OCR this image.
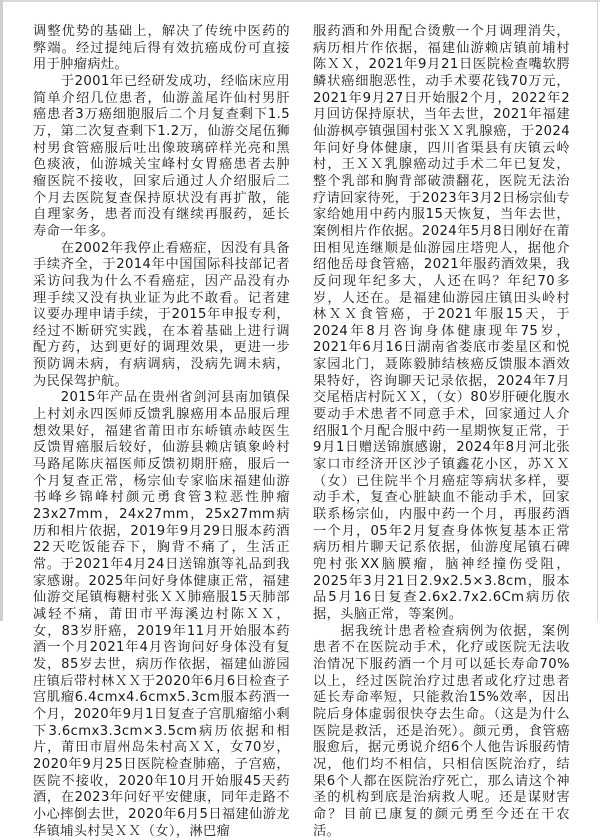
调整优势的基础上，解决了传统中医药的弊端。经过提纯后得有效抗癌成份可直接用于肿瘤病灶。

于2001年已经研发成功，经临床应用简单介绍几位患者，仙游盖尾许仙村男肝癌患者3万癌细胞服后二个月复查剩下1.5万，第二次复查剩下1.2万，仙游交尾伍狮村男食管癌服后吐出像玻璃碎样光亮和黑色痰液，仙游城关宝峰村女胃癌患者去肿瘤医院不接收，回家后通过人介绍服后二个月去医院复查保持原状没有再扩散，能自理家务，患者而没有继续再服药，延长寿命一年多。

在2002年我停止看癌症，因没有具备手续齐全，于2014年中国国际科技部记者采访问我为什么不看癌症，因产品没有办理手续又没有执业证为此不敢看。记者建议要办理申请手续，于2015年申报专利，经过不断研究实践，在本着基础上进行调配方药，达到更好的调理效果，更进一步预防调未病，有病调病，没病先调未病，为民保驾护航。

2015年产品在贵州省剑河县南加镇保上村刘永四医师反馈乳腺癌用本品服后理想效果好，福建省莆田市东峤镇赤岐医生反馈胃癌服后较好，仙游县赖店镇象岭村马路尾陈庆福医师反馈初期肝癌，服后一个月复查正常，杨宗仙专家临床福建仙游书峰乡锦峰村颜元勇食管3粒恶性肿瘤23x27mm，24x27mm，25x27mm病历和相片依据，2019年9月29日服本药酒22天吃饭能吞下，胸背不痛了，生活正常。于2021年4月24日送锦旗等礼品到我家感谢。2025年问好身体健康正常，福建仙游交尾镇梅糖村张ＸＸ肺癌服15天肺部减轻不痛，莆田市平海溪边村陈ＸＸ，女，83岁肝癌，2019年11月开始服本药酒一个月2021年4月咨询问好身体没有复发，85岁去世，病历作依据，福建仙游园庄镇后带村林ＸＸ于2020年6月6日检查子宫肌瘤6.4cmx4.6cmx5.3cm服本药酒一个月，2020年9月1日复查子宫肌瘤缩小剩下3.6cmx3.3cm×3.5cm病历依据和相片，莆田市眉州岛朱村高ＸＸ，女70岁，2020年9月25日医院检查肺癌，子宫癌，医院不接收，2020年10月开始服45天药酒，在2023年问好平安健康，同年走路不小心摔倒去世，2020年6月5日福建仙游龙华镇埔头村吴ＸＸ（女），淋巴瘤

服药酒和外用配合烫敷一个月调理消失，病历相片作依据，福建仙游赖店镇前埔村陈ＸＸ，2021年9月21日医院检查嘴软腭鳞状癌细胞恶性，动手术要花钱70万元，2021年9月27日开始服2个月，2022年2月回访保持原状，当年去世，2021年福建仙游枫亭镇强国村张ＸＸ乳腺癌，于2024年问好身体健康，四川省渠县有庆镇云岭村，王ＸＸ乳腺癌动过手术二年已复发，整个乳部和胸背部破溃翻花，医院无法治疗请回家待死，于2023年3月2日杨宗仙专家给她用中药内服15天恢复，当年去世，案例相片作依据。2024年5月8日刚好在莆田相见连继顺是仙游园庄塔兜人，据他介绍他岳母食管癌，2021年服药酒效果，我反问现年纪多大，人还在吗？年纪70多岁，人还在。是福建仙游园庄镇田头岭村林ＸＸ食管癌，于2021年服15天，于2024年8月咨询身体健康现年75岁，2021年6月16日湖南省娄底市娄星区和悦家园北门，聂陈毅肺结核癌反馈服本酒效果特好，咨询聊天记录依据，2024年7月交尾梧店村阮ＸＸ，（女）80岁肝硬化腹水要动手术患者不同意手术，回家通过人介绍服1个月配合服中药一星期恢复正常，于9月1日赠送锦旗感谢，2024年8月河北张家口市经济开区沙子镇鑫花小区，苏ＸＸ（女）已住院半个月癌症等病状多样，要动手术，复查心脏缺血不能动手术，回家联系杨宗仙，内服中药一个月，再服药酒一个月，05年2月复查身体恢复基本正常病历相片聊天记系依据，仙游度尾镇石碑兜村张XX脑膜瘤，脑神经撞伤受阻，2025年3月21日2.9x2.5×3.8cm，服本品5月16日复查2.6x2.7x2.6Cm病历依据，头脑正常，等案例。

据我统计患者检查病例为依据，案例患者不在医院动手术，化疗或医院无法收治情况下服药酒一个月可以延长寿命70%以上，经过医院治疗过患者或化疗过患者延长寿命率短，只能救治15%效率，因出院后身体虚弱很快夺去生命。（这是为什么医院是救活，还是治死）。颜元勇，食管癌服愈后，据元勇说介绍6个人他告诉服药情况，他们均不相信，只相信医院治疗，结果6个人都在医院治疗死亡，那么请这个神圣的机构到底是治病救人呢。还是谋财害命？目前已康复的颜元勇至今还在干农活。
